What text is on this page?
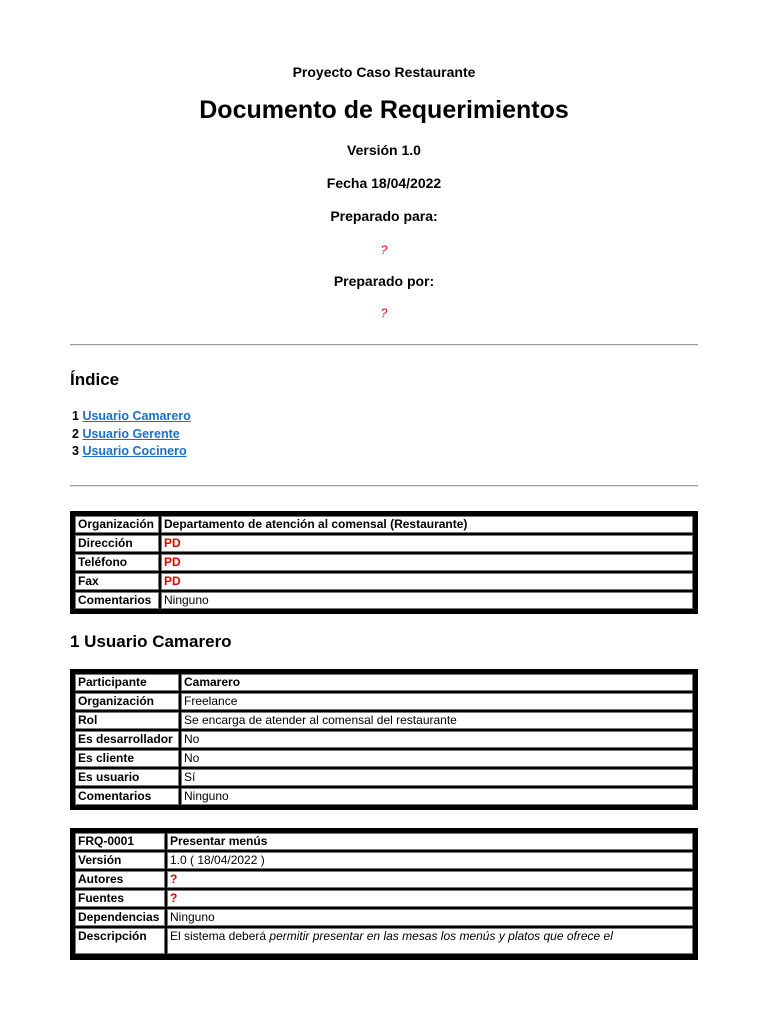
Proyecto Caso Restaurante
Documento de Requerimientos
Versión 1.0
Fecha 18/04/2022
Preparado para:
?
Preparado por:
?
Índice
1 Usuario Camarero
2 Usuario Gerente
3 Usuario Cocinero
Organización	Departamento de atención al comensal (Restaurante)
Dirección	PD
Teléfono	PD
Fax	PD
Comentarios	Ninguno
1 Usuario Camarero
Participante	Camarero
Organización	Freelance
Rol	Se encarga de atender al comensal del restaurante
Es desarrollador	No
Es cliente	No
Es usuario	Sí
Comentarios	Ninguno
FRQ-0001	Presentar menús
Versión	1.0 ( 18/04/2022 )
Autores	?
Fuentes	?
Dependencias	Ninguno
Descripción	El sistema deberá permitir presentar en las mesas los menús y platos que ofrece el
